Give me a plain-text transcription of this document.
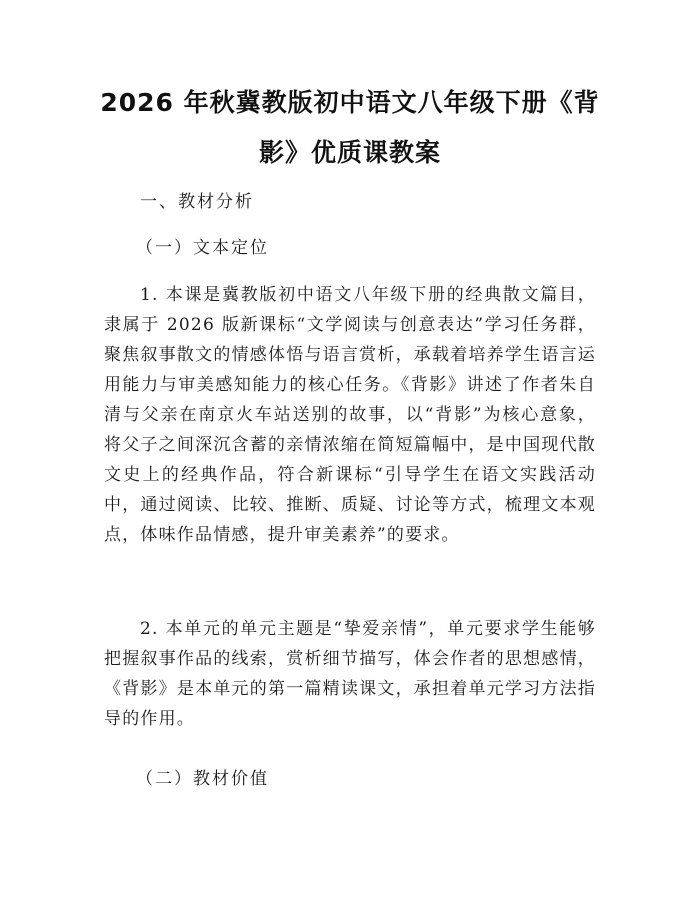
2026 年秋冀教版初中语文八年级下册《背影》优质课教案
一、教材分析
（一）文本定位
1. 本课是冀教版初中语文八年级下册的经典散文篇目，隶属于 2026 版新课标“文学阅读与创意表达”学习任务群，聚焦叙事散文的情感体悟与语言赏析，承载着培养学生语言运用能力与审美感知能力的核心任务。《背影》讲述了作者朱自清与父亲在南京火车站送别的故事，以“背影”为核心意象，将父子之间深沉含蓄的亲情浓缩在简短篇幅中，是中国现代散文史上的经典作品，符合新课标“引导学生在语文实践活动中，通过阅读、比较、推断、质疑、讨论等方式，梳理文本观点，体味作品情感，提升审美素养”的要求。
2. 本单元的单元主题是“挚爱亲情”，单元要求学生能够把握叙事作品的线索，赏析细节描写，体会作者的思想感情，《背影》是本单元的第一篇精读课文，承担着单元学习方法指导的作用。
（二）教材价值
